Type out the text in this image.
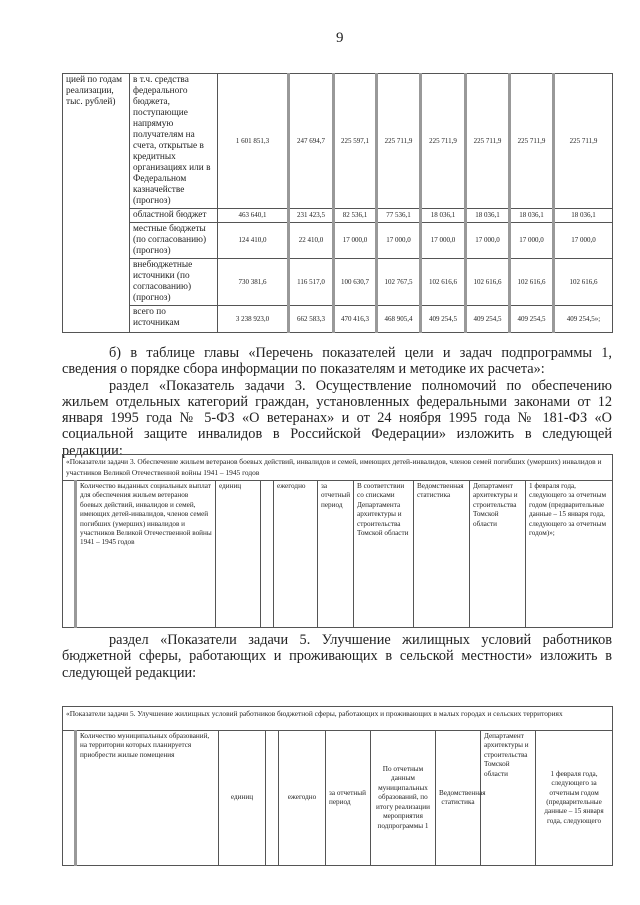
9
цией по годам реализации, тыс. рублей)	в т.ч. средства федерального бюджета, поступающие напрямую получателям на счета, открытые в кредитных организациях или в Федеральном казначействе (прогноз)	1 601 851,3	247 694,7	225 597,1	225 711,9	225 711,9	225 711,9	225 711,9	225 711,9
	областной бюджет	463 640,1	231 423,5	82 536,1	77 536,1	18 036,1	18 036,1	18 036,1	18 036,1
	местные бюджеты (по согласованию) (прогноз)	124 410,0	22 410,0	17 000,0	17 000,0	17 000,0	17 000,0	17 000,0	17 000,0
	внебюджетные источники (по согласованию) (прогноз)	730 381,6	116 517,0	100 630,7	102 767,5	102 616,6	102 616,6	102 616,6	102 616,6
	всего по источникам	3 238 923,0	662 583,3	470 416,3	468 905,4	409 254,5	409 254,5	409 254,5	409 254,5»;
б) в таблице главы «Перечень показателей цели и задач подпрограммы 1, сведения о порядке сбора информации по показателям и методике их расчета»:
раздел «Показатель задачи 3. Осуществление полномочий по обеспечению жильем отдельных категорий граждан, установленных федеральными законами от 12 января 1995 года № 5-ФЗ «О ветеранах» и от 24 ноября 1995 года № 181-ФЗ «О социальной защите инвалидов в Российской Федерации» изложить в следующей редакции:
«Показатели задачи 3. Обеспечение жильем ветеранов боевых действий, инвалидов и семей, имеющих детей-инвалидов, членов семей погибших (умерших) инвалидов и участников Великой Отечественной войны 1941 – 1945 годов
	Количество выданных социальных выплат для обеспечения жильем ветеранов боевых действий, инвалидов и семей, имеющих детей-инвалидов, членов семей погибших (умерших) инвалидов и участников Великой Отечественной войны 1941 – 1945 годов	единиц		ежегодно	за отчетный период	В соответствии со списками Департамента архитектуры и строительства Томской области	Ведомственная статистика	Департамент архитектуры и строительства Томской области	1 февраля года, следующего за отчетным годом (предварительные данные – 15 января года, следующего за отчетным годом)»;
раздел «Показатели задачи 5. Улучшение жилищных условий работников бюджетной сферы, работающих и проживающих в сельской местности» изложить в следующей редакции:
«Показатели задачи 5. Улучшение жилищных условий работников бюджетной сферы, работающих и проживающих в малых городах и сельских территориях
	Количество муниципальных образований, на территории которых планируется приобрести жилые помещения	единиц		ежегодно	за отчетный период	По отчетным данным муниципальных образований, по итогу реализации мероприятия подпрограммы 1	Ведомственная статистика	Департамент архитектуры и строительства Томской области	1 февраля года, следующего за отчетным годом (предварительные данные – 15 января года, следующего
